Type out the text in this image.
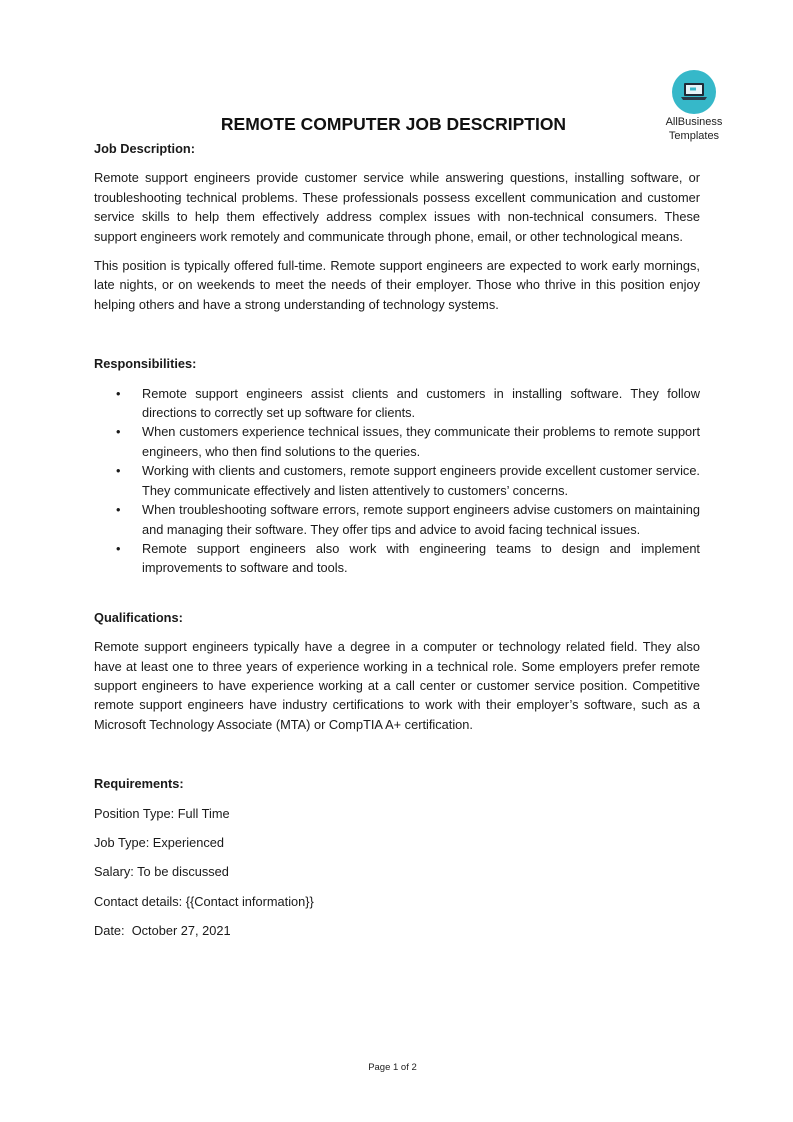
AllBusiness
Templates
REMOTE COMPUTER JOB DESCRIPTION
Job Description:

Remote support engineers provide customer service while answering questions, installing software, or troubleshooting technical problems. These professionals possess excellent communication and customer service skills to help them effectively address complex issues with non-technical consumers. These support engineers work remotely and communicate through phone, email, or other technological means.

This position is typically offered full-time. Remote support engineers are expected to work early mornings, late nights, or on weekends to meet the needs of their employer. Those who thrive in this position enjoy helping others and have a strong understanding of technology systems.

Responsibilities:
• Remote support engineers assist clients and customers in installing software. They follow directions to correctly set up software for clients.
• When customers experience technical issues, they communicate their problems to remote support engineers, who then find solutions to the queries.
• Working with clients and customers, remote support engineers provide excellent customer service. They communicate effectively and listen attentively to customers’ concerns.
• When troubleshooting software errors, remote support engineers advise customers on maintaining and managing their software. They offer tips and advice to avoid facing technical issues.
• Remote support engineers also work with engineering teams to design and implement improvements to software and tools.
Qualifications:

Remote support engineers typically have a degree in a computer or technology related field. They also have at least one to three years of experience working in a technical role. Some employers prefer remote support engineers to have experience working at a call center or customer service position. Competitive remote support engineers have industry certifications to work with their employer’s software, such as a Microsoft Technology Associate (MTA) or CompTIA A+ certification.

Requirements:
Position Type: Full Time
Job Type: Experienced
Salary: To be discussed
Contact details: {{Contact information}}
Date:  October 27, 2021
Page 1 of 2
